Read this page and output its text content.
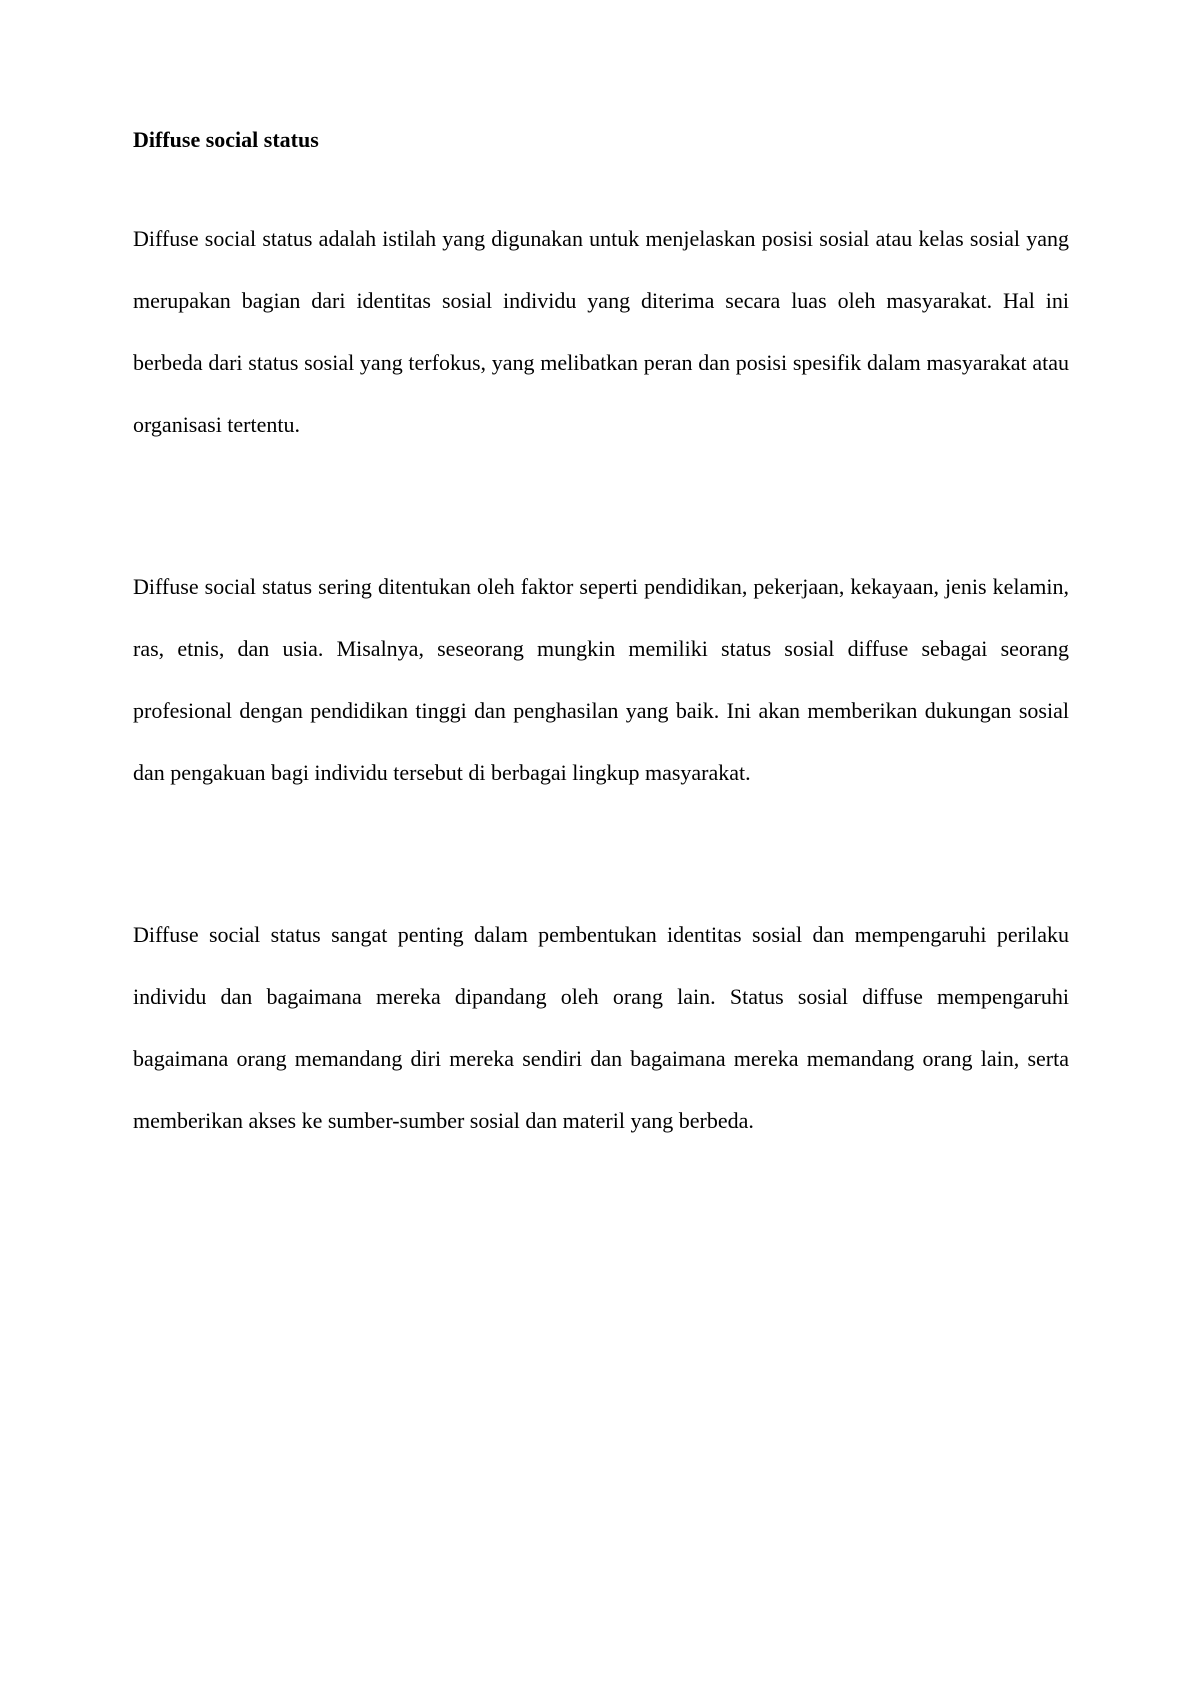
Diffuse social status

Diffuse social status adalah istilah yang digunakan untuk menjelaskan posisi sosial atau kelas sosial yang merupakan bagian dari identitas sosial individu yang diterima secara luas oleh masyarakat. Hal ini berbeda dari status sosial yang terfokus, yang melibatkan peran dan posisi spesifik dalam masyarakat atau organisasi tertentu.

Diffuse social status sering ditentukan oleh faktor seperti pendidikan, pekerjaan, kekayaan, jenis kelamin, ras, etnis, dan usia. Misalnya, seseorang mungkin memiliki status sosial diffuse sebagai seorang profesional dengan pendidikan tinggi dan penghasilan yang baik. Ini akan memberikan dukungan sosial dan pengakuan bagi individu tersebut di berbagai lingkup masyarakat.

Diffuse social status sangat penting dalam pembentukan identitas sosial dan mempengaruhi perilaku individu dan bagaimana mereka dipandang oleh orang lain. Status sosial diffuse mempengaruhi bagaimana orang memandang diri mereka sendiri dan bagaimana mereka memandang orang lain, serta memberikan akses ke sumber-sumber sosial dan materil yang berbeda.
